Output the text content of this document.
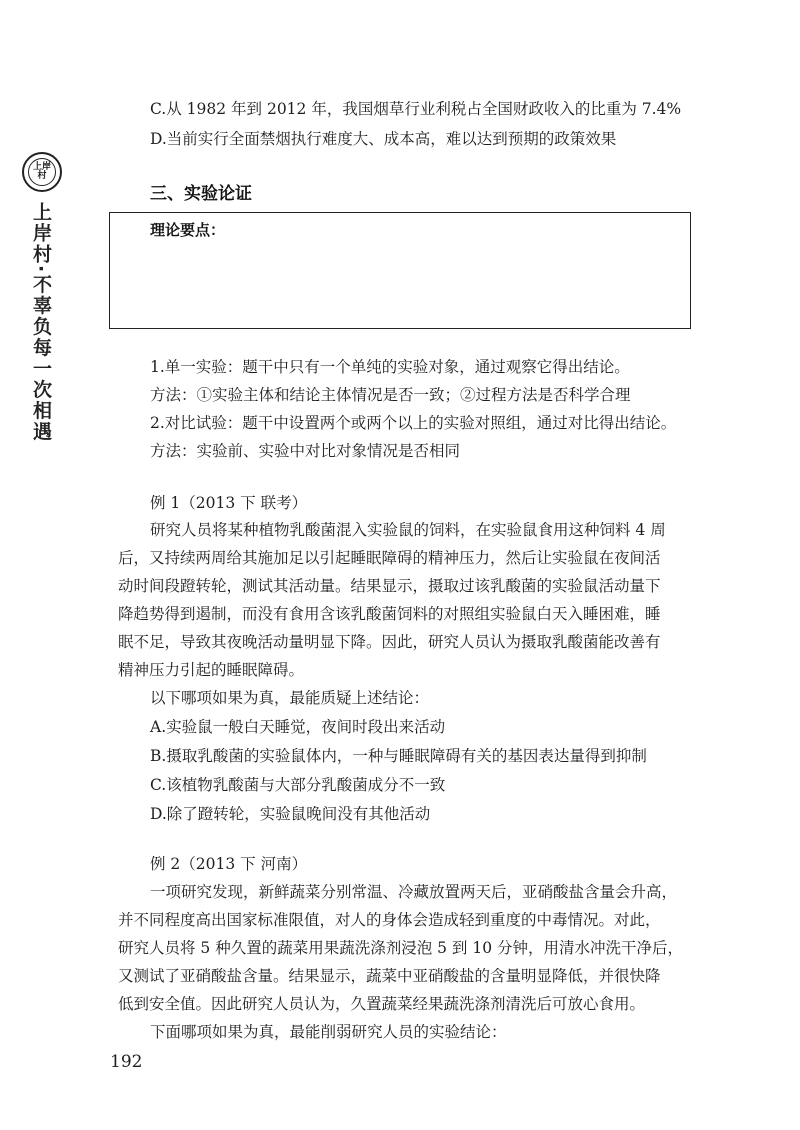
上岸村
上岸村·不辜负每一次相遇
C.从 1982 年到 2012 年，我国烟草行业利税占全国财政收入的比重为 7.4%
D.当前实行全面禁烟执行难度大、成本高，难以达到预期的政策效果
三、实验论证
理论要点：
1.单一实验：题干中只有一个单纯的实验对象，通过观察它得出结论。
方法：①实验主体和结论主体情况是否一致；②过程方法是否科学合理
2.对比试验：题干中设置两个或两个以上的实验对照组，通过对比得出结论。
方法：实验前、实验中对比对象情况是否相同
例 1（2013 下 联考）
研究人员将某种植物乳酸菌混入实验鼠的饲料，在实验鼠食用这种饲料 4 周
后，又持续两周给其施加足以引起睡眠障碍的精神压力，然后让实验鼠在夜间活
动时间段蹬转轮，测试其活动量。结果显示，摄取过该乳酸菌的实验鼠活动量下
降趋势得到遏制，而没有食用含该乳酸菌饲料的对照组实验鼠白天入睡困难，睡
眠不足，导致其夜晚活动量明显下降。因此，研究人员认为摄取乳酸菌能改善有
精神压力引起的睡眠障碍。
以下哪项如果为真，最能质疑上述结论：
A.实验鼠一般白天睡觉，夜间时段出来活动
B.摄取乳酸菌的实验鼠体内，一种与睡眠障碍有关的基因表达量得到抑制
C.该植物乳酸菌与大部分乳酸菌成分不一致
D.除了蹬转轮，实验鼠晚间没有其他活动
例 2（2013 下 河南）
一项研究发现，新鲜蔬菜分别常温、冷藏放置两天后，亚硝酸盐含量会升高，
并不同程度高出国家标准限值，对人的身体会造成轻到重度的中毒情况。对此，
研究人员将 5 种久置的蔬菜用果蔬洗涤剂浸泡 5 到 10 分钟，用清水冲洗干净后，
又测试了亚硝酸盐含量。结果显示，蔬菜中亚硝酸盐的含量明显降低，并很快降
低到安全值。因此研究人员认为，久置蔬菜经果蔬洗涤剂清洗后可放心食用。
下面哪项如果为真，最能削弱研究人员的实验结论：
192
